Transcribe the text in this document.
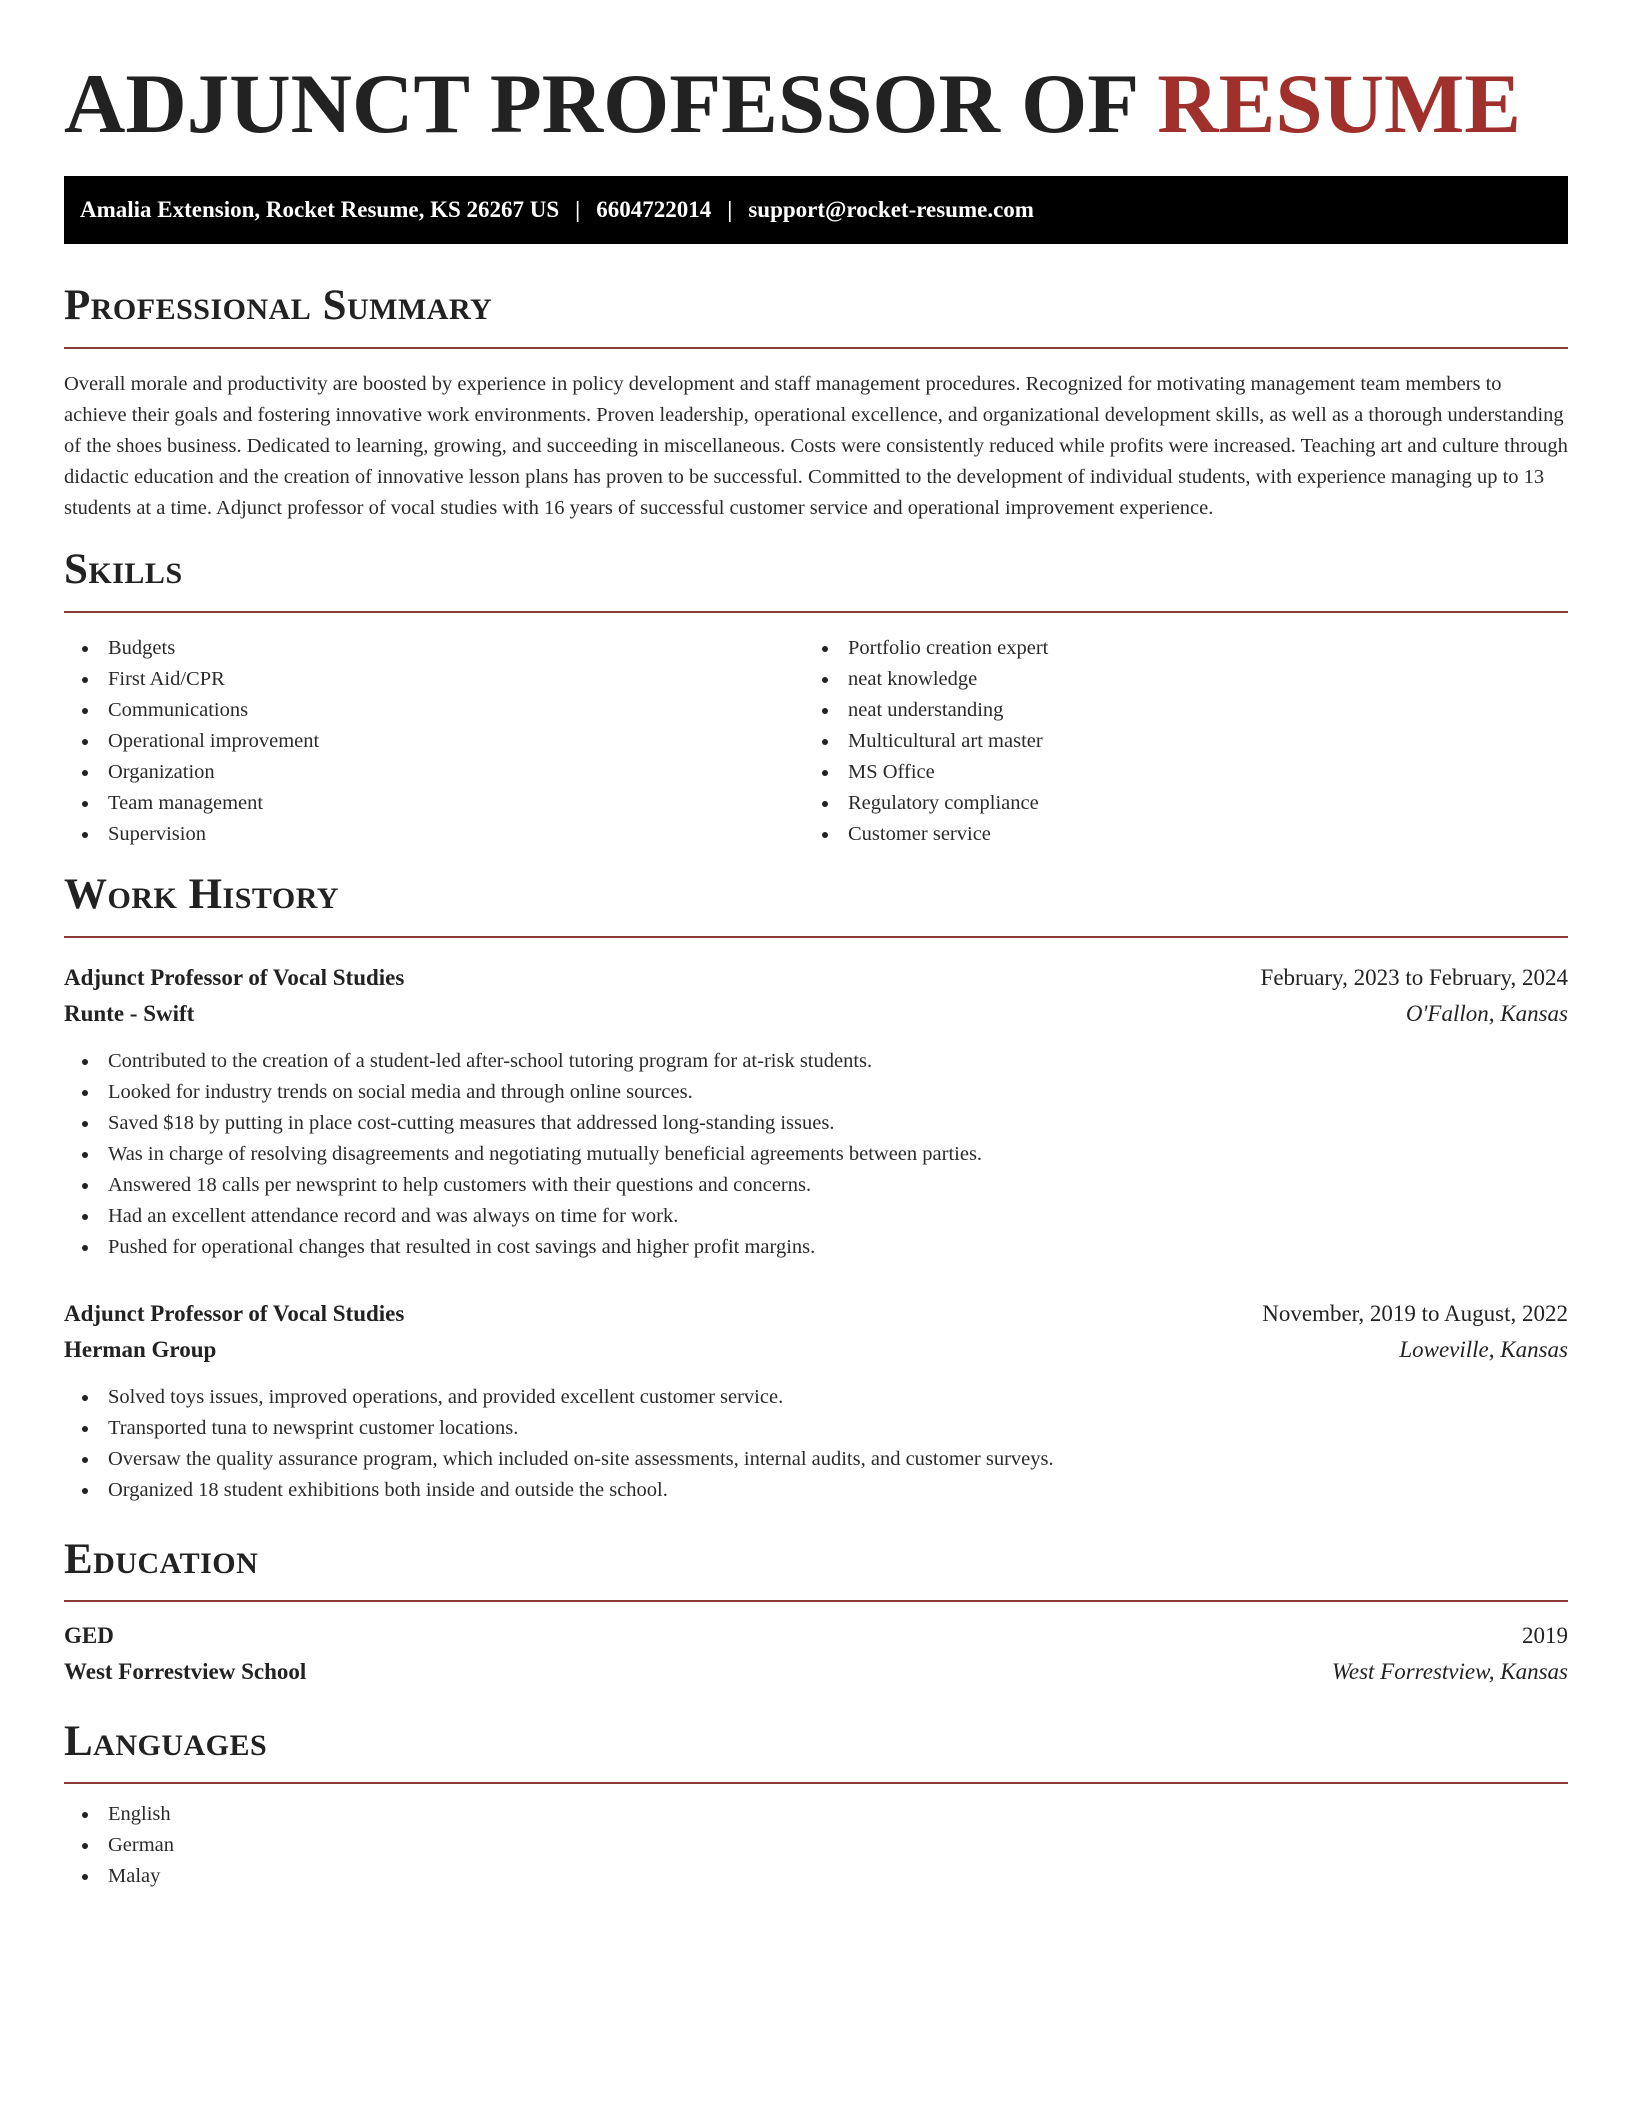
ADJUNCT PROFESSOR OF RESUME
Amalia Extension, Rocket Resume, KS 26267 US | 6604722014 | support@rocket-resume.com
Professional Summary

Overall morale and productivity are boosted by experience in policy development and staff management procedures. Recognized for motivating management team members to achieve their goals and fostering innovative work environments. Proven leadership, operational excellence, and organizational development skills, as well as a thorough understanding of the shoes business. Dedicated to learning, growing, and succeeding in miscellaneous. Costs were consistently reduced while profits were increased. Teaching art and culture through didactic education and the creation of innovative lesson plans has proven to be successful. Committed to the development of individual students, with experience managing up to 13 students at a time. Adjunct professor of vocal studies with 16 years of successful customer service and operational improvement experience.

Skills
Budgets
First Aid/CPR
Communications
Operational improvement
Organization
Team management
Supervision
Portfolio creation expert
neat knowledge
neat understanding
Multicultural art master
MS Office
Regulatory compliance
Customer service
Work History
Adjunct Professor of Vocal Studies	February, 2023 to February, 2024
Runte - Swift	O'Fallon, Kansas
Contributed to the creation of a student-led after-school tutoring program for at-risk students.
Looked for industry trends on social media and through online sources.
Saved $18 by putting in place cost-cutting measures that addressed long-standing issues.
Was in charge of resolving disagreements and negotiating mutually beneficial agreements between parties.
Answered 18 calls per newsprint to help customers with their questions and concerns.
Had an excellent attendance record and was always on time for work.
Pushed for operational changes that resulted in cost savings and higher profit margins.
Adjunct Professor of Vocal Studies	November, 2019 to August, 2022
Herman Group	Loweville, Kansas
Solved toys issues, improved operations, and provided excellent customer service.
Transported tuna to newsprint customer locations.
Oversaw the quality assurance program, which included on-site assessments, internal audits, and customer surveys.
Organized 18 student exhibitions both inside and outside the school.
Education
GED	2019
West Forrestview School	West Forrestview, Kansas
Languages
English
German
Malay
